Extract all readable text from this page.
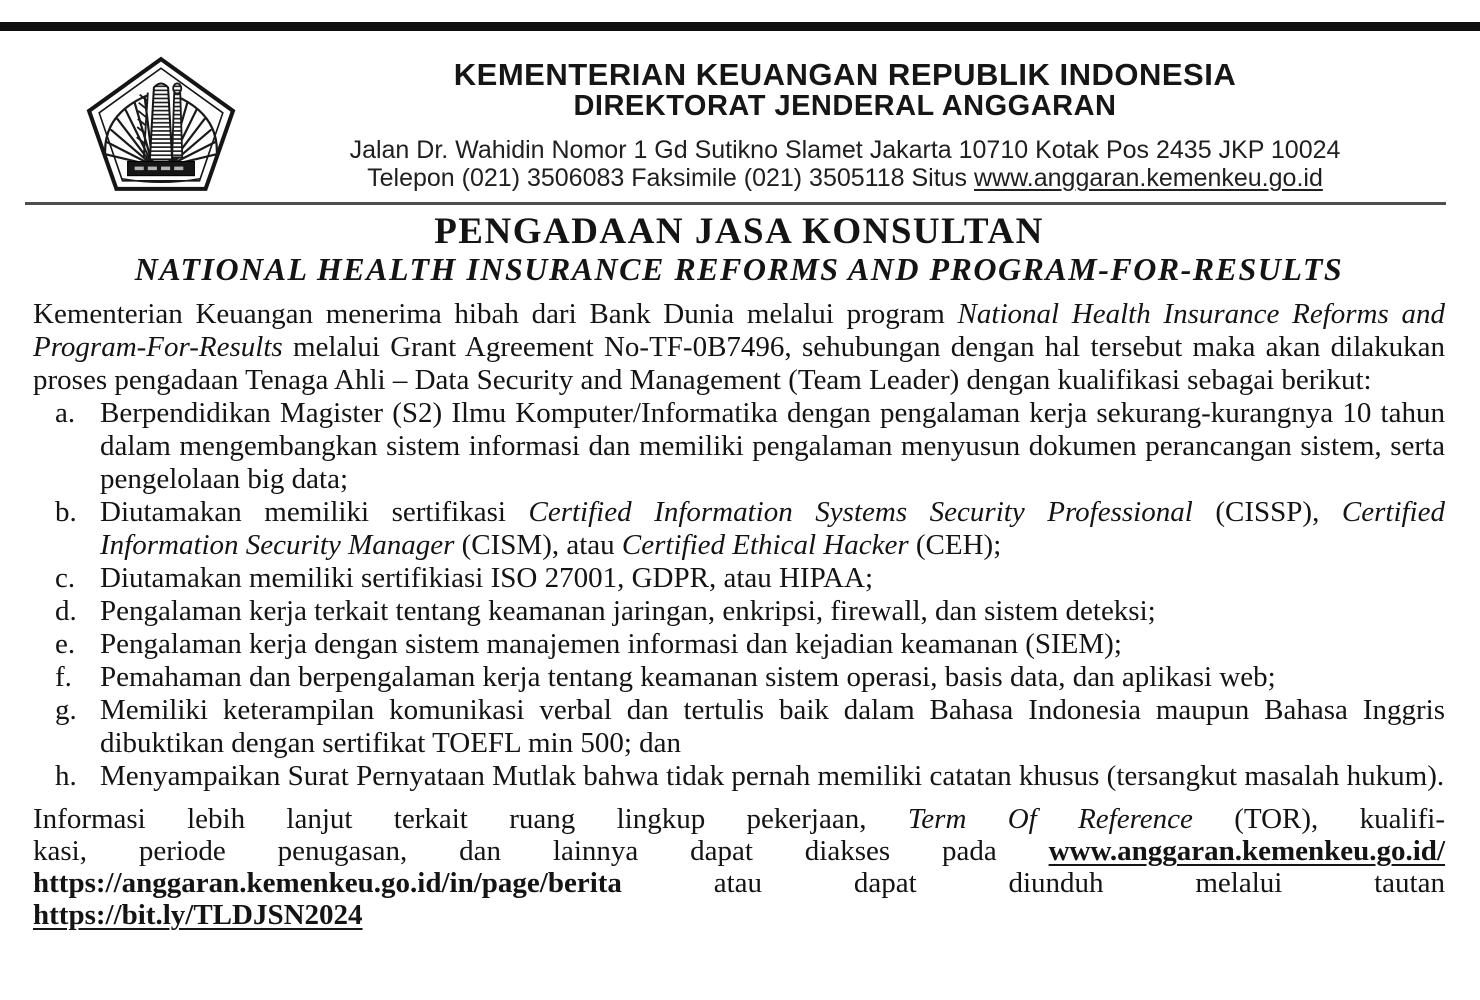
KEMENTERIAN KEUANGAN REPUBLIK INDONESIA
DIREKTORAT JENDERAL ANGGARAN
Jalan Dr. Wahidin Nomor 1 Gd Sutikno Slamet Jakarta 10710 Kotak Pos 2435 JKP 10024
Telepon (021) 3506083 Faksimile (021) 3505118 Situs www.anggaran.kemenkeu.go.id
PENGADAAN JASA KONSULTAN
NATIONAL HEALTH INSURANCE REFORMS AND PROGRAM-FOR-RESULTS

Kementerian Keuangan menerima hibah dari Bank Dunia melalui program National Health Insurance Reforms and Program-For-Results melalui Grant Agreement No-TF-0B7496, sehubungan dengan hal tersebut maka akan dilakukan proses pengadaan Tenaga Ahli – Data Security and Management (Team Leader) dengan kualifikasi sebagai berikut:

a. Berpendidikan Magister (S2) Ilmu Komputer/Informatika dengan pengalaman kerja sekurang-kurangnya 10 tahun dalam mengembangkan sistem informasi dan memiliki pengalaman menyusun dokumen perancangan sistem, serta pengelolaan big data;
b. Diutamakan memiliki sertifikasi Certified Information Systems Security Professional (CISSP), Certified Information Security Manager (CISM), atau Certified Ethical Hacker (CEH);
c. Diutamakan memiliki sertifikiasi ISO 27001, GDPR, atau HIPAA;
d. Pengalaman kerja terkait tentang keamanan jaringan, enkripsi, firewall, dan sistem deteksi;
e. Pengalaman kerja dengan sistem manajemen informasi dan kejadian keamanan (SIEM);
f. Pemahaman dan berpengalaman kerja tentang keamanan sistem operasi, basis data, dan aplikasi web;
g. Memiliki keterampilan komunikasi verbal dan tertulis baik dalam Bahasa Indonesia maupun Bahasa Inggris dibuktikan dengan sertifikat TOEFL min 500; dan
h. Menyampaikan Surat Pernyataan Mutlak bahwa tidak pernah memiliki catatan khusus (tersangkut masalah hukum).
Informasi lebih lanjut terkait ruang lingkup pekerjaan, Term Of Reference (TOR), kualifi-
kasi, periode penugasan, dan lainnya dapat diakses pada www.anggaran.kemenkeu.go.id/
https://anggaran.kemenkeu.go.id/in/page/berita atau dapat diunduh melalui tautan
https://bit.ly/TLDJSN2024
